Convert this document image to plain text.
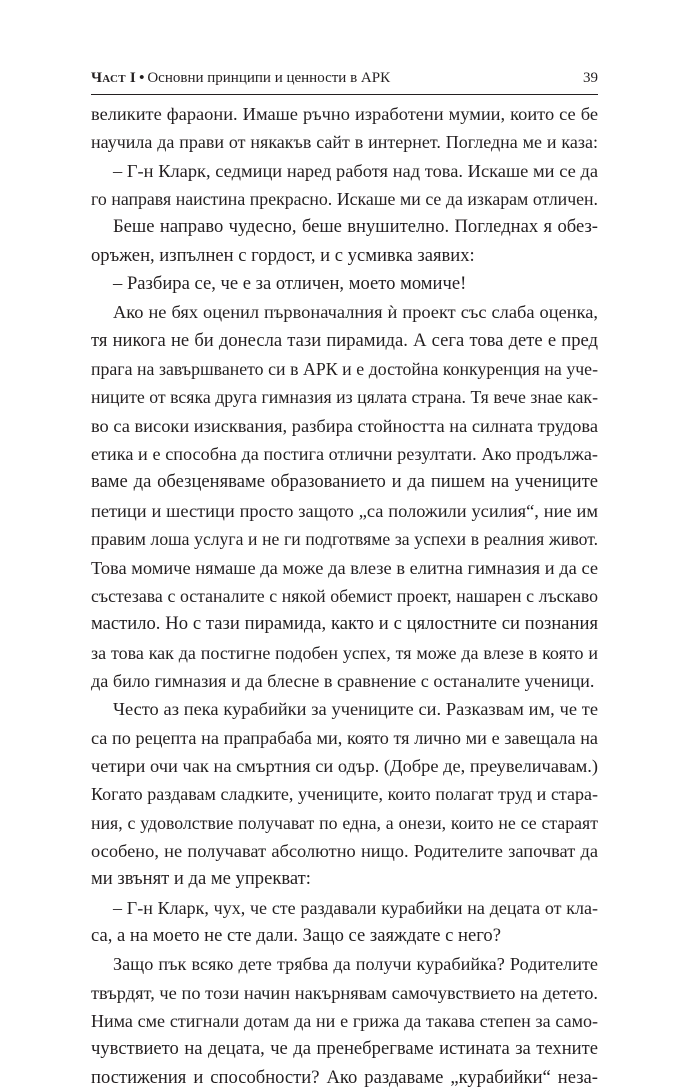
Част I • Основни принципи и ценности в АРК	39
великите фараони. Имаше ръчно изработени мумии, които се бе
научила да прави от някакъв сайт в интернет. Погледна ме и каза:
– Г-н Кларк, седмици наред работя над това. Искаше ми се да
го направя наистина прекрасно. Искаше ми се да изкарам отличен.
Беше направо чудесно, беше внушително. Погледнах я обез-
оръжен, изпълнен с гордост, и с усмивка заявих:
– Разбира се, че е за отличен, моето момиче!
Ако не бях оценил първоначалния ѝ проект със слаба оценка,
тя никога не би донесла тази пирамида. А сега това дете е пред
прага на завършването си в АРК и е достойна конкуренция на уче-
ниците от всяка друга гимназия из цялата страна. Тя вече знае как-
во са високи изисквания, разбира стойността на силната трудова
етика и е способна да постига отлични резултати. Ако продължа-
ваме да обезценяваме образованието и да пишем на учениците
петици и шестици просто защото „са положили усилия“, ние им
правим лоша услуга и не ги подготвяме за успехи в реалния живот.
Това момиче нямаше да може да влезе в елитна гимназия и да се
състезава с останалите с някой обемист проект, нашарен с лъскаво
мастило. Но с тази пирамида, както и с цялостните си познания
за това как да постигне подобен успех, тя може да влезе в която и
да било гимназия и да блесне в сравнение с останалите ученици.
Често аз пека курабийки за учениците си. Разказвам им, че те
са по рецепта на прапрабаба ми, която тя лично ми е завещала на
четири очи чак на смъртния си одър. (Добре де, преувеличавам.)
Когато раздавам сладките, учениците, които полагат труд и стара-
ния, с удоволствие получават по една, а онези, които не се стараят
особено, не получават абсолютно нищо. Родителите започват да
ми звънят и да ме упрекват:
– Г-н Кларк, чух, че сте раздавали курабийки на децата от кла-
са, а на моето не сте дали. Защо се заяждате с него?
Защо пък всяко дете трябва да получи курабийка? Родителите
твърдят, че по този начин накърнявам самочувствието на детето.
Нима сме стигнали дотам да ни е грижа да такава степен за само-
чувствието на децата, че да пренебрегваме истината за техните
постижения и способности? Ако раздаваме „курабийки“ неза-
